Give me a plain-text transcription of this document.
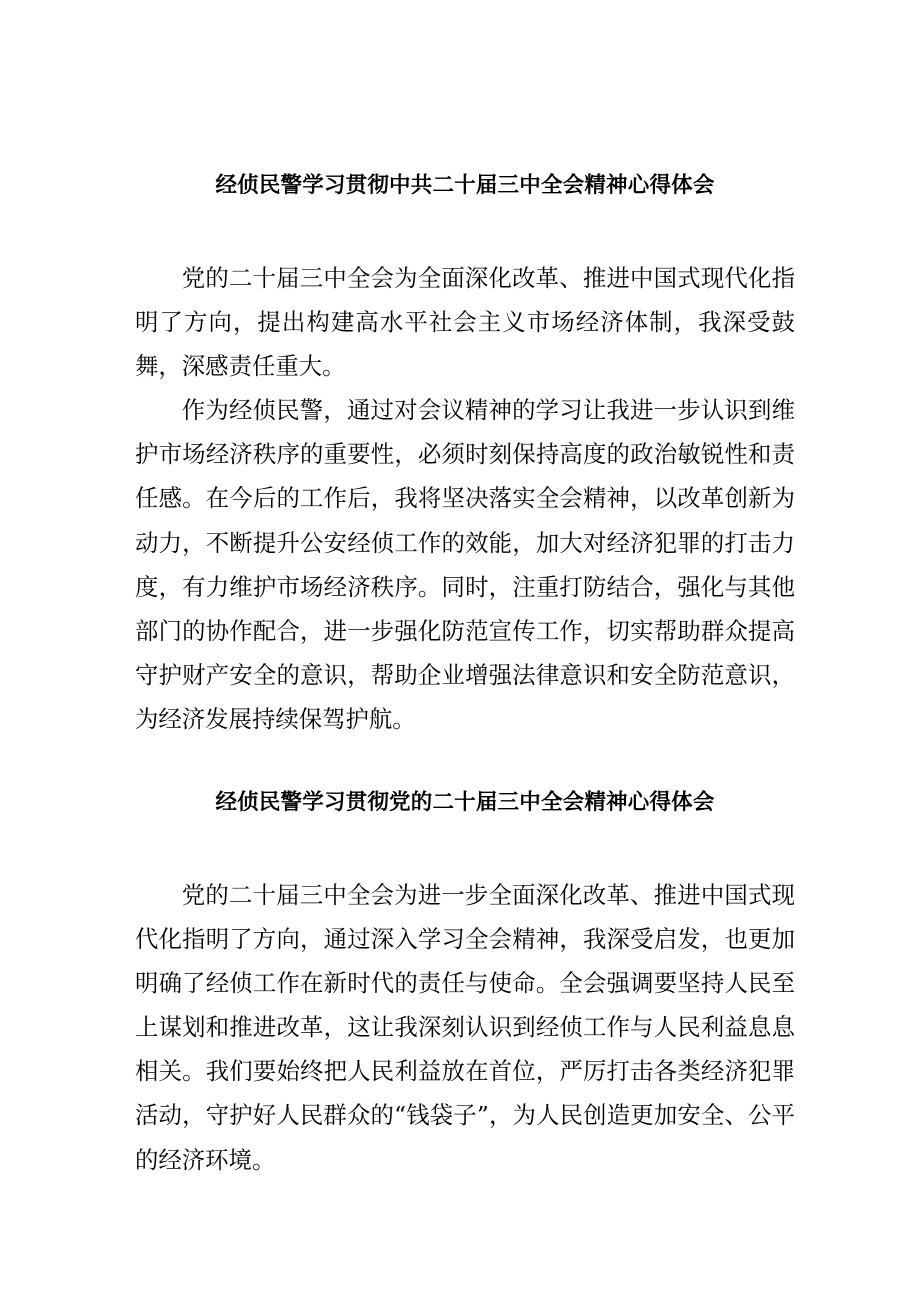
经侦民警学习贯彻中共二十届三中全会精神心得体会

党的二十届三中全会为全面深化改革、推进中国式现代化指明了方向，提出构建高水平社会主义市场经济体制，我深受鼓舞，深感责任重大。

作为经侦民警，通过对会议精神的学习让我进一步认识到维护市场经济秩序的重要性，必须时刻保持高度的政治敏锐性和责任感。在今后的工作后，我将坚决落实全会精神，以改革创新为动力，不断提升公安经侦工作的效能，加大对经济犯罪的打击力度，有力维护市场经济秩序。同时，注重打防结合，强化与其他部门的协作配合，进一步强化防范宣传工作，切实帮助群众提高守护财产安全的意识，帮助企业增强法律意识和安全防范意识，为经济发展持续保驾护航。

经侦民警学习贯彻党的二十届三中全会精神心得体会

党的二十届三中全会为进一步全面深化改革、推进中国式现代化指明了方向，通过深入学习全会精神，我深受启发，也更加明确了经侦工作在新时代的责任与使命。全会强调要坚持人民至上谋划和推进改革，这让我深刻认识到经侦工作与人民利益息息相关。我们要始终把人民利益放在首位，严厉打击各类经济犯罪活动，守护好人民群众的“钱袋子”，为人民创造更加安全、公平的经济环境。
